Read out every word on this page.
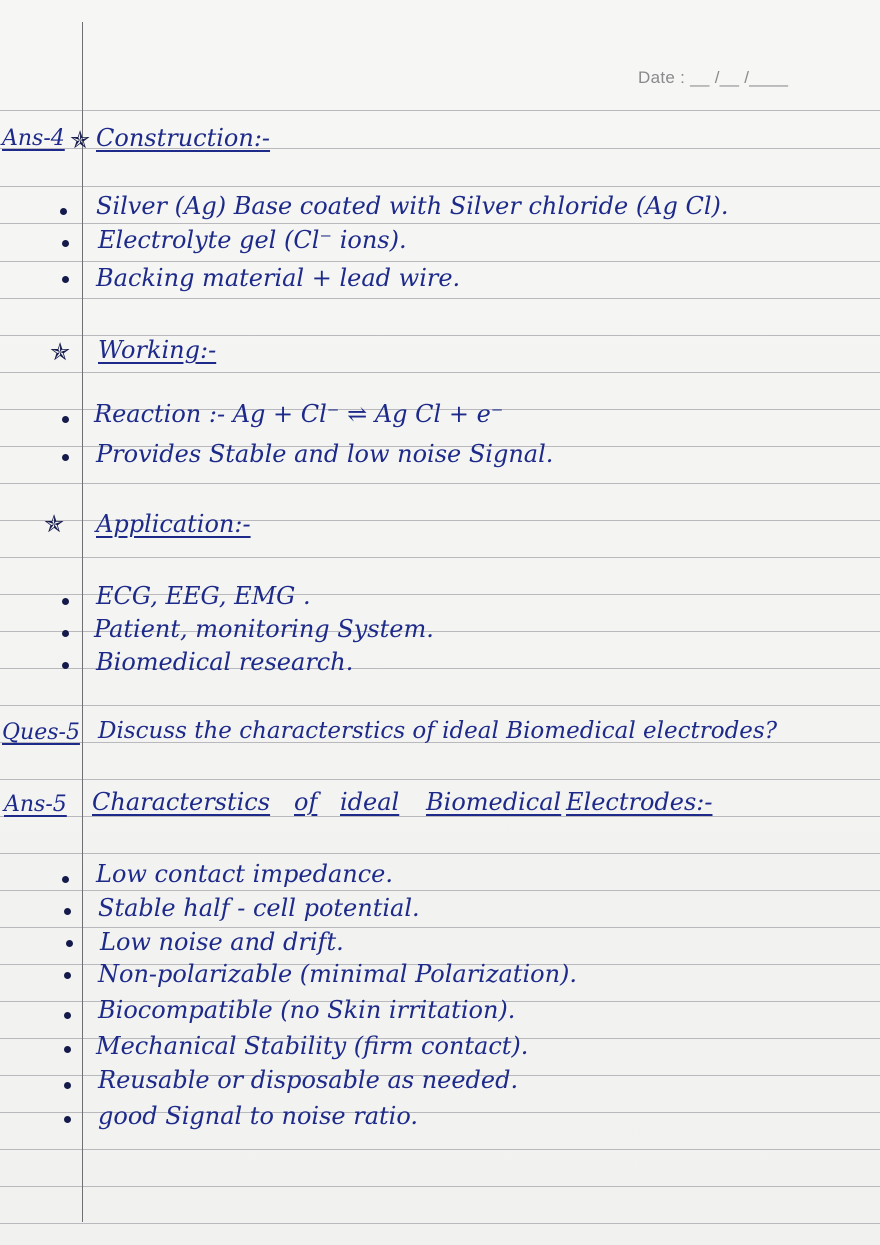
Date : __ /__ /____
Ans-4 ✯ Construction:-
Silver (Ag) Base coated with Silver chloride (Ag Cl).
Electrolyte gel (Cl⁻ ions).
Backing material + lead wire.
✯ Working:-
Reaction :- Ag + Cl⁻ ⇌ Ag Cl + e⁻
Provides Stable and low noise Signal.
✯ Application:-
ECG, EEG, EMG .
Patient, monitoring System.
Biomedical research.
Ques-5 Discuss the characterstics of ideal Biomedical electrodes?
Ans-5 Characterstics of ideal Biomedical Electrodes:-
Low contact impedance.
Stable half - cell potential.
Low noise and drift.
Non-polarizable (minimal Polarization).
Biocompatible (no Skin irritation).
Mechanical Stability (firm contact).
Reusable or disposable as needed.
good Signal to noise ratio.
